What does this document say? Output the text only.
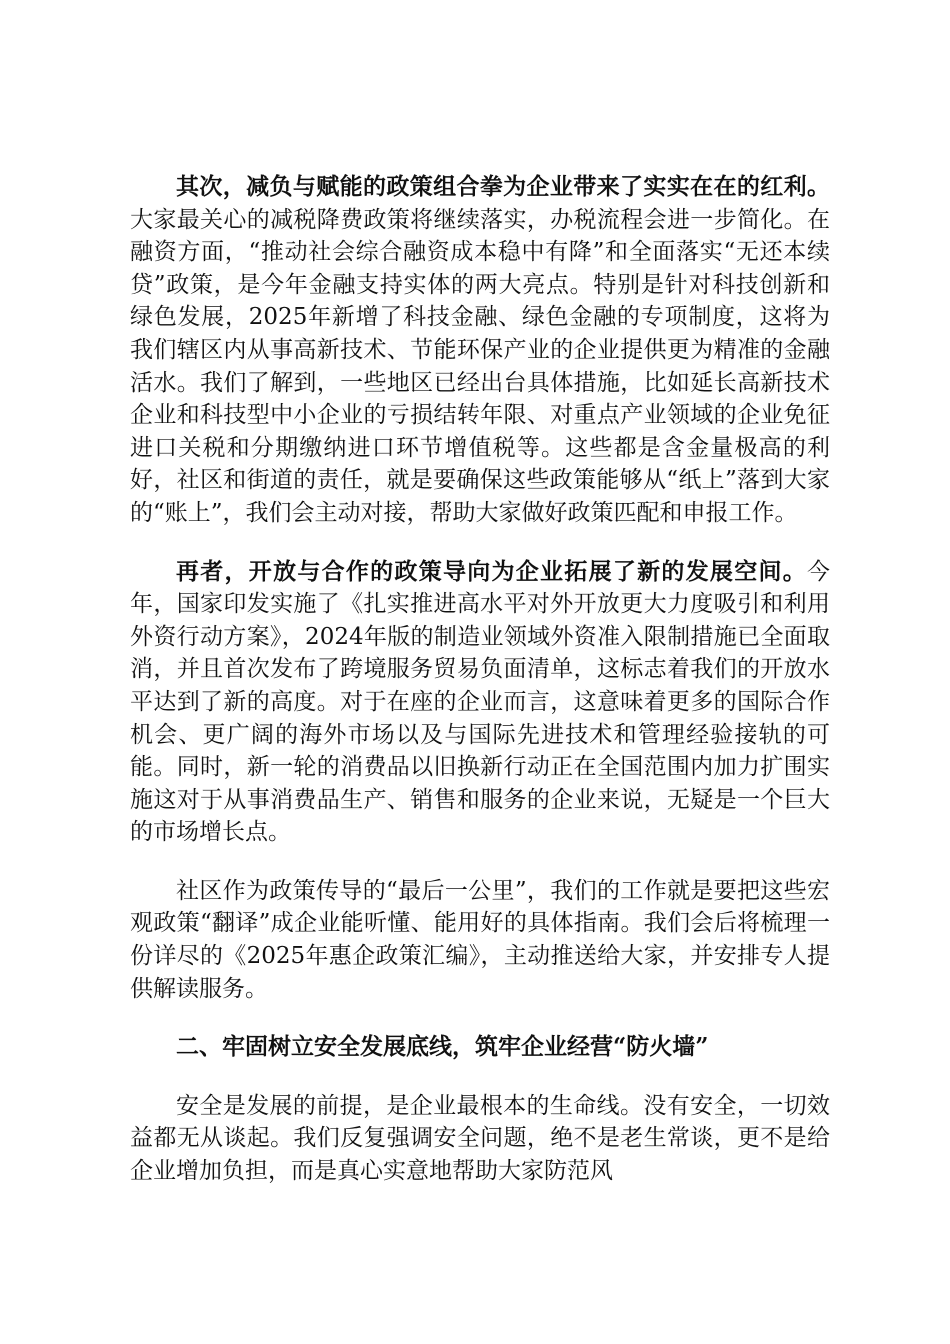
其次，减负与赋能的政策组合拳为企业带来了实实在在的红利。大家最关心的减税降费政策将继续落实，办税流程会进一步简化。在融资方面，“推动社会综合融资成本稳中有降”和全面落实“无还本续贷”政策，是今年金融支持实体的两大亮点。特别是针对科技创新和绿色发展，2025年新增了科技金融、绿色金融的专项制度，这将为我们辖区内从事高新技术、节能环保产业的企业提供更为精准的金融活水。我们了解到，一些地区已经出台具体措施，比如延长高新技术企业和科技型中小企业的亏损结转年限、对重点产业领域的企业免征进口关税和分期缴纳进口环节增值税等。这些都是含金量极高的利好，社区和街道的责任，就是要确保这些政策能够从“纸上”落到大家的“账上”，我们会主动对接，帮助大家做好政策匹配和申报工作。

再者，开放与合作的政策导向为企业拓展了新的发展空间。今年，国家印发实施了《扎实推进高水平对外开放更大力度吸引和利用外资行动方案》，2024年版的制造业领域外资准入限制措施已全面取消，并且首次发布了跨境服务贸易负面清单，这标志着我们的开放水平达到了新的高度。对于在座的企业而言，这意味着更多的国际合作机会、更广阔的海外市场以及与国际先进技术和管理经验接轨的可能。同时，新一轮的消费品以旧换新行动正在全国范围内加力扩围实施这对于从事消费品生产、销售和服务的企业来说，无疑是一个巨大的市场增长点。

社区作为政策传导的“最后一公里”，我们的工作就是要把这些宏观政策“翻译”成企业能听懂、能用好的具体指南。我们会后将梳理一份详尽的《2025年惠企政策汇编》，主动推送给大家，并安排专人提供解读服务。

二、牢固树立安全发展底线，筑牢企业经营“防火墙”

安全是发展的前提，是企业最根本的生命线。没有安全，一切效益都无从谈起。我们反复强调安全问题，绝不是老生常谈，更不是给企业增加负担，而是真心实意地帮助大家防范风
